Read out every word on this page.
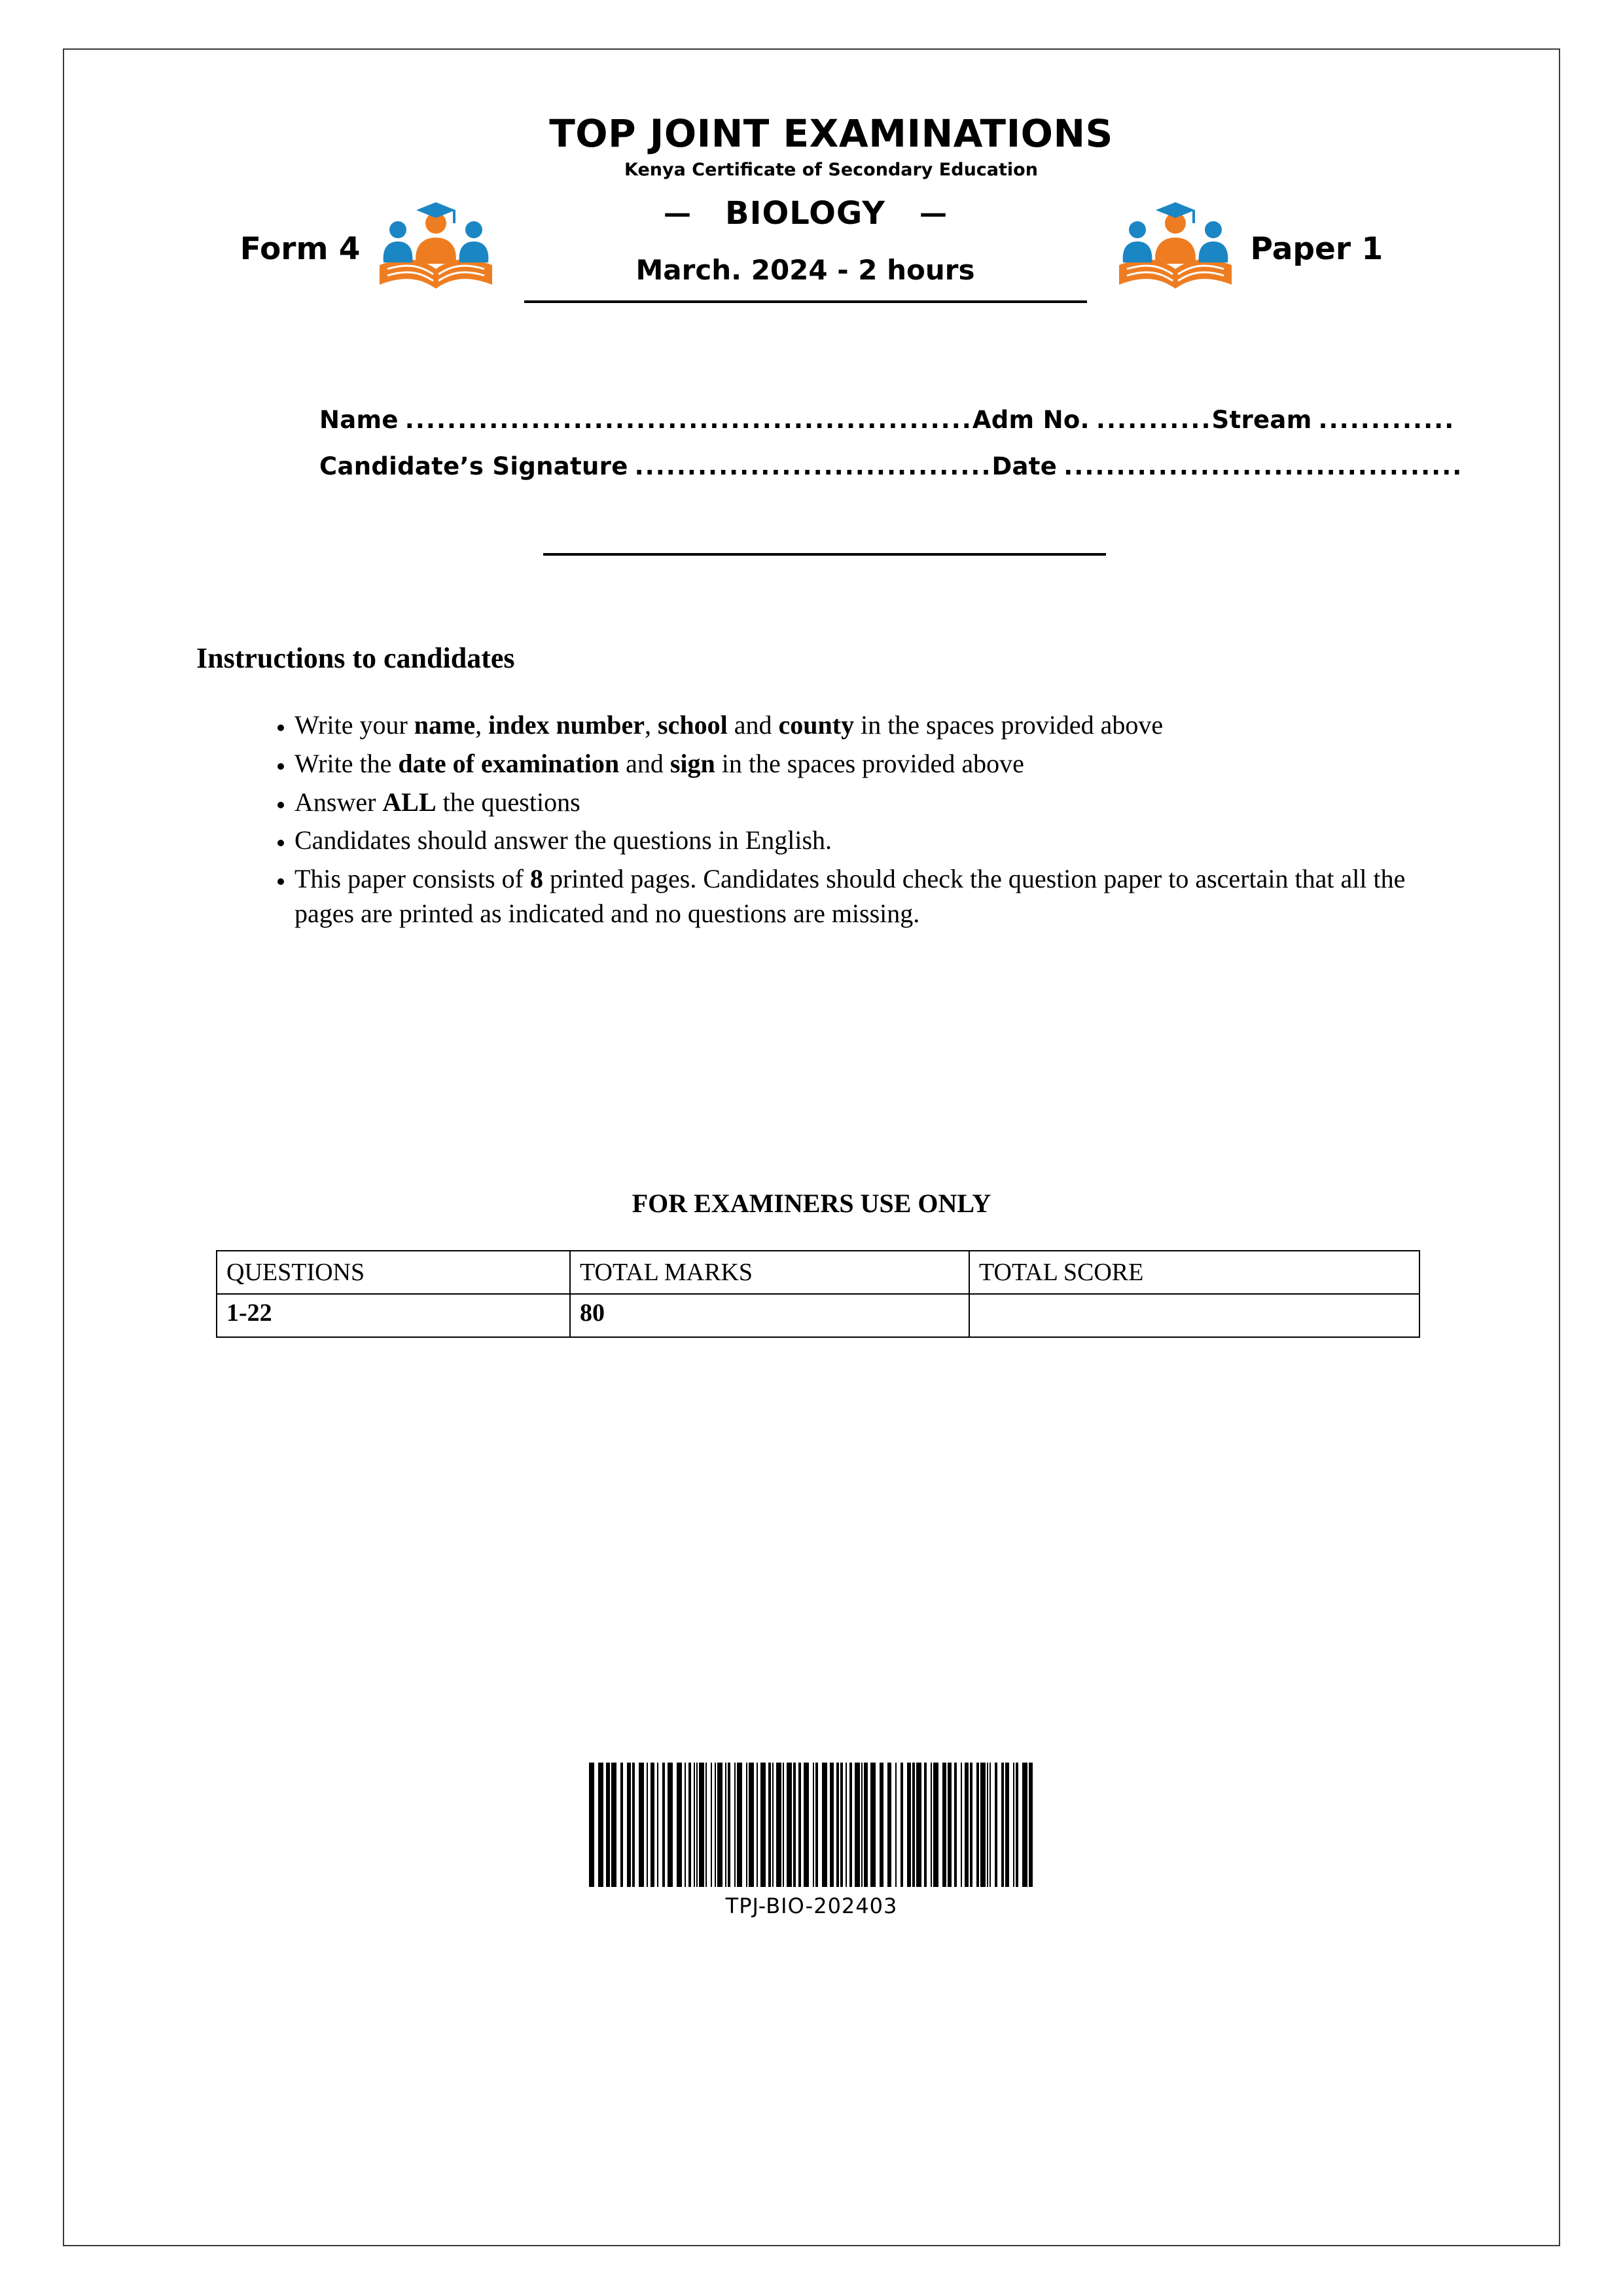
TOP JOINT EXAMINATIONS
Kenya Certificate of Secondary Education
Form 4
— BIOLOGY —
March. 2024 - 2 hours
Paper 1
Name ...................................................... Adm No. ........... Stream .............
Candidate’s Signature .................................. Date ......................................
Instructions to candidates
• Write your name, index number, school and county in the spaces provided above
• Write the date of examination and sign in the spaces provided above
• Answer ALL the questions
• Candidates should answer the questions in English.
• This paper consists of 8 printed pages. Candidates should check the question paper to ascertain that all the pages are printed as indicated and no questions are missing.
FOR EXAMINERS USE ONLY
QUESTIONS	TOTAL MARKS	TOTAL SCORE
1-22	80	
TPJ-BIO-202403
